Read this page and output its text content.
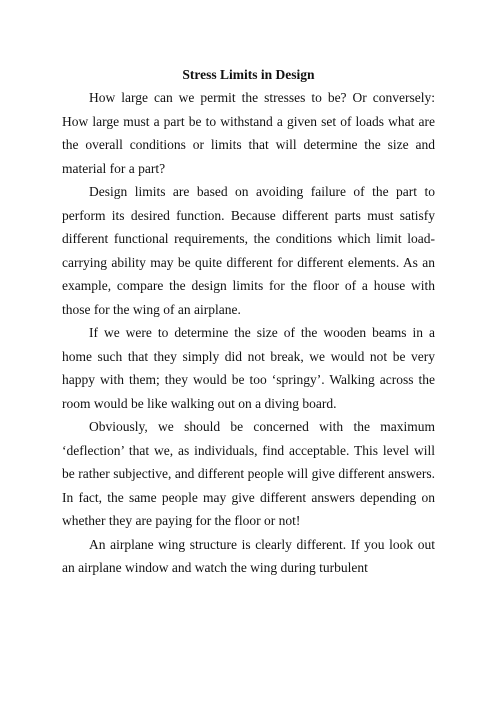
Stress Limits in Design

How large can we permit the stresses to be? Or conversely: How large must a part be to withstand a given set of loads what are the overall conditions or limits that will determine the size and material for a part?

Design limits are based on avoiding failure of the part to perform its desired function. Because different parts must satisfy different functional requirements, the conditions which limit load-carrying ability may be quite different for different elements. As an example, compare the design limits for the floor of a house with those for the wing of an airplane.

If we were to determine the size of the wooden beams in a home such that they simply did not break, we would not be very happy with them; they would be too ‘springy’. Walking across the room would be like walking out on a diving board.

Obviously, we should be concerned with the maximum ‘deflection’ that we, as individuals, find acceptable. This level will be rather subjective, and different people will give different answers. In fact, the same people may give different answers depending on whether they are paying for the floor or not!

An airplane wing structure is clearly different. If you look out an airplane window and watch the wing during turbulent
